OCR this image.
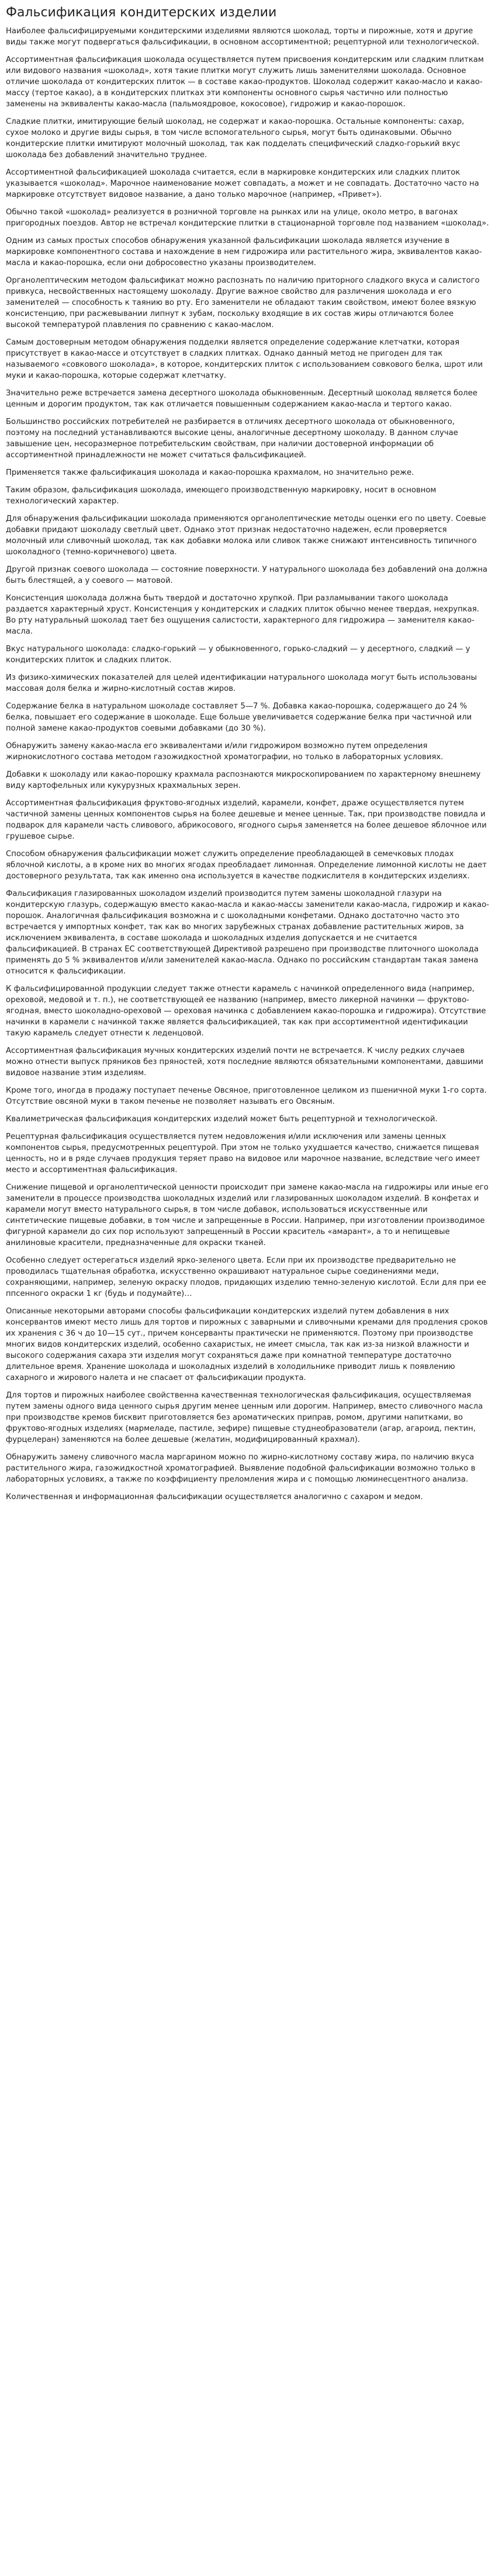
Фальсификация кондитерских изделии

Наиболее фальсифицируемыми кондитерскими изделиями являются шоколад, торты и пирожные, хотя и другие виды также могут подвергаться фальсификации, в основном ассортиментной; рецептурной или технологической.

Ассортиментная фальсификация шоколада осуществляется путем присвоения кондитерским или сладким плиткам или видового названия «шоколад», хотя такие плитки могут служить лишь заменителями шоколада. Основное отличие шоколада от кондитерских плиток — в составе какао-продуктов. Шоколад содержит какао-масло и какао-массу (тертое какао), а в кондитерских плитках эти компоненты основного сырья частично или полностью заменены на эквиваленты какао-масла (пальмоядровое, кокосовое), гидрожир и какао-порошок.

Сладкие плитки, имитирующие белый шоколад, не содержат и какао-порошка. Остальные компоненты: сахар, сухое молоко и другие виды сырья, в том числе вспомогательного сырья, могут быть одинаковыми. Обычно кондитерские плитки имитируют молочный шоколад, так как подделать специфический сладко-горький вкус шоколада без добавлений значительно труднее.

Ассортиментной фальсификацией шоколада считается, если в маркировке кондитерских или сладких плиток указывается «шоколад». Марочное наименование может совпадать, а может и не совпадать. Достаточно часто на маркировке отсутствует видовое название, а дано только марочное (например, «Привет»).

Обычно такой «шоколад» реализуется в розничной торговле на рынках или на улице, около метро, в вагонах пригородных поездов. Автор не встречал кондитерские плитки в стационарной торговле под названием «шоколад».

Одним из самых простых способов обнаружения указанной фальсификации шоколада является изучение в маркировке компонентного состава и нахождение в нем гидрожира или растительного жира, эквивалентов какао-масла и какао-порошка, если они добросовестно указаны производителем.

Органолептическим методом фальсификат можно распознать по наличию приторного сладкого вкуса и салистого привкуса, несвойственных настоящему шоколаду. Другие важное свойство для различения шоколада и его заменителей — способность к таянию во рту. Его заменители не обладают таким свойством, имеют более вязкую консистенцию, при расжевывании липнут к зубам, поскольку входящие в их состав жиры отличаются более высокой температурой плавления по сравнению с какао-маслом.

Самым достоверным методом обнаружения подделки является определение содержание клетчатки, которая присутствует в какао-массе и отсутствует в сладких плитках. Однако данный метод не пригоден для так называемого «совкового шоколада», в которое, кондитерских плиток с использованием совкового белка, шрот или муки и какао-порошка, которые содержат клетчатку.

Значительно реже встречается замена десертного шоколада обыкновенным. Десертный шоколад является более ценным и дорогим продуктом, так как отличается повышенным содержанием какао-масла и тертого какао.

Большинство российских потребителей не разбирается в отличиях десертного шоколада от обыкновенного, поэтому на последний устанавливаются высокие цены, аналогичные десертному шоколаду. В данном случае завышение цен, несоразмерное потребительским свойствам, при наличии достоверной информации об ассортиментной принадлежности не может считаться фальсификацией.

Применяется также фальсификация шоколада и какао-порошка крахмалом, но значительно реже.

Таким образом, фальсификация шоколада, имеющего производственную маркировку, носит в основном технологический характер.

Для обнаружения фальсификации шоколада применяются органолептические методы оценки его по цвету. Соевые добавки придают шоколаду светлый цвет. Однако этот признак недостаточно надежен, если проверяется молочный или сливочный шоколад, так как добавки молока или сливок также снижают интенсивность типичного шоколадного (темно-коричневого) цвета.

Другой признак соевого шоколада — состояние поверхности. У натурального шоколада без добавлений она должна быть блестящей, а у соевого — матовой.

Консистенция шоколада должна быть твердой и достаточно хрупкой. При разламывании такого шоколада раздается характерный хруст. Консистенция у кондитерских и сладких плиток обычно менее твердая, нехрупкая. Во рту натуральный шоколад тает без ощущения салистости, характерного для гидрожира — заменителя какао-масла.

Вкус натурального шоколада: сладко-горький — у обыкновенного, горько-сладкий — у десертного, сладкий — у кондитерских плиток и сладких плиток.

Из физико-химических показателей для целей идентификации натурального шоколада могут быть использованы массовая доля белка и жирно-кислотный состав жиров.

Содержание белка в натуральном шоколаде составляет 5—7 %. Добавка какао-порошка, содержащего до 24 % белка, повышает его содержание в шоколаде. Еще больше увеличивается содержание белка при частичной или полной замене какао-продуктов соевыми добавками (до 30 %).

Обнаружить замену какао-масла его эквивалентами и/или гидрожиром возможно путем определения жирнокислотного состава методом газожидкостной хроматографии, но только в лабораторных условиях.

Добавки к шоколаду или какао-порошку крахмала распознаются микроскопированием по характерному внешнему виду картофельных или кукурузных крахмальных зерен.

Ассортиментная фальсификация фруктово-ягодных изделий, карамели, конфет, драже осуществляется путем частичной замены ценных компонентов сырья на более дешевые и менее ценные. Так, при производстве повидла и подварок для карамели часть сливового, абрикосового, ягодного сырья заменяется на более дешевое яблочное или грушевое сырье.

Способом обнаружения фальсификации может служить определение преобладающей в семечковых плодах яблочной кислоты, а в кроме них во многих ягодах преобладает лимонная. Определение лимонной кислоты не дает достоверного результата, так как именно она используется в качестве подкислителя в кондитерских изделиях.

Фальсификация глазированных шоколадом изделий производится путем замены шоколадной глазури на кондитерскую глазурь, содержащую вместо какао-масла и какао-массы заменители какао-масла, гидрожир и какао-порошок. Аналогичная фальсификация возможна и с шоколадными конфетами. Однако достаточно часто это встречается у импортных конфет, так как во многих зарубежных странах добавление растительных жиров, за исключением эквивалента, в составе шоколада и шоколадных изделия допускается и не считается фальсификацией. В странах ЕС соответствующей Директивой разрешено при производстве плиточного шоколада применять до 5 % эквивалентов и/или заменителей какао-масла. Однако по российским стандартам такая замена относится к фальсификации.

К фальсифицированной продукции следует также отнести карамель с начинкой определенного вида (например, ореховой, медовой и т. п.), не соответствующей ее названию (например, вместо ликерной начинки — фруктово-ягодная, вместо шоколадно-ореховой — ореховая начинка с добавлением какао-порошка и гидрожира). Отсутствие начинки в карамели с начинкой также является фальсификацией, так как при ассортиментной идентификации такую карамель следует отнести к леденцовой.

Ассортиментная фальсификация мучных кондитерских изделий почти не встречается. К числу редких случаев можно отнести выпуск пряников без пряностей, хотя последние являются обязательными компонентами, давшими видовое название этим изделиям.

Кроме того, иногда в продажу поступает печенье Овсяное, приготовленное целиком из пшеничной муки 1-го сорта. Отсутствие овсяной муки в таком печенье не позволяет называть его Овсяным.

Квалиметрическая фальсификация кондитерских изделий может быть рецептурной и технологической.

Рецептурная фальсификация осуществляется путем недовложения и/или исключения или замены ценных компонентов сырья, предусмотренных рецептурой. При этом не только ухудшается качество, снижается пищевая ценность, но и в ряде случаев продукция теряет право на видовое или марочное название, вследствие чего имеет место и ассортиментная фальсификация.

Снижение пищевой и органолептической ценности происходит при замене какао-масла на гидрожиры или иные его заменители в процессе производства шоколадных изделий или глазированных шоколадом изделий. В конфетах и карамели могут вместо натурального сырья, в том числе добавок, использоваться искусственные или синтетические пищевые добавки, в том числе и запрещенные в России. Например, при изготовлении производимое фигурной карамели до сих пор используют запрещенный в России краситель «амарант», а то и непищевые анилиновые красители, предназначенные для окраски тканей.

Особенно следует остерегаться изделий ярко-зеленого цвета. Если при их производстве предварительно не проводилась тщательная обработка, искусственно окрашивают натуральное сырье соединениями меди, сохраняющими, например, зеленую окраску плодов, придающих изделию темно-зеленую кислотой. Если для при ее ппсенного окраски 1 кг (будь и подумайте)…

Описанные некоторыми авторами способы фальсификации кондитерских изделий путем добавления в них консервантов имеют место лишь для тортов и пирожных с заварными и сливочными кремами для продления сроков их хранения с 36 ч до 10—15 сут., причем консерванты практически не применяются. Поэтому при производстве многих видов кондитерских изделий, особенно сахаристых, не имеет смысла, так как из-за низкой влажности и высокого содержания сахара эти изделия могут сохраняться даже при комнатной температуре достаточно длительное время. Хранение шоколада и шоколадных изделий в холодильнике приводит лишь к появлению сахарного и жирового налета и не спасает от фальсификации продукта.

Для тортов и пирожных наиболее свойственна качественная технологическая фальсификация, осуществляемая путем замены одного вида ценного сырья другим менее ценным или дорогим. Например, вместо сливочного масла при производстве кремов бисквит приготовляется без ароматических приправ, ромом, другими напитками, во фруктово-ягодных изделиях (мармеладе, пастиле, зефире) пищевые студнеобразователи (агар, агароид, пектин, фурцелеран) заменяются на более дешевые (желатин, модифицированный крахмал).

Обнаружить замену сливочного масла маргарином можно по жирно-кислотному составу жира, по наличию вкуса растительного жира, газожидкостной хроматографией. Выявление подобной фальсификации возможно только в лабораторных условиях, а также по коэффициенту преломления жира и с помощью люминесцентного анализа.

Количественная и информационная фальсификации осуществляется аналогично с сахаром и медом.
